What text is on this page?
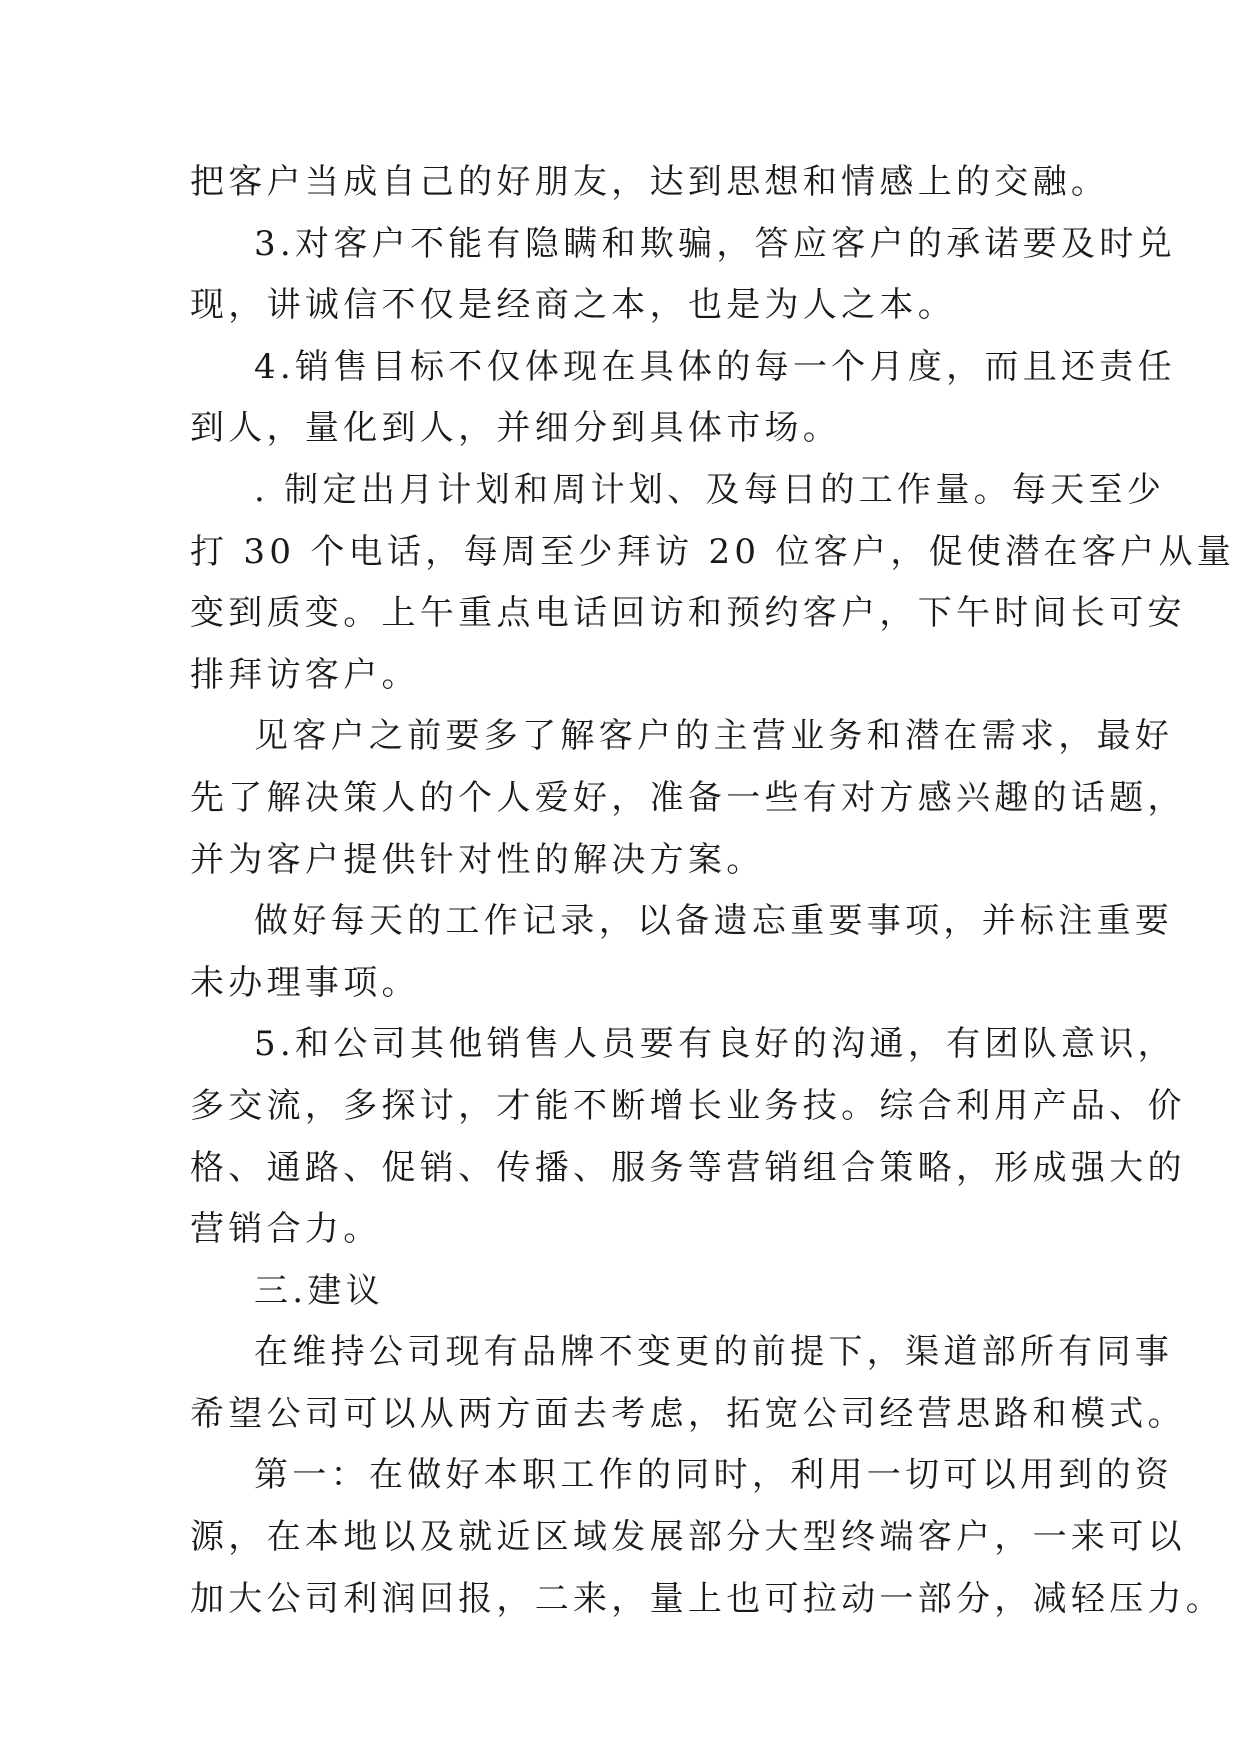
把客户当成自己的好朋友，达到思想和情感上的交融。
3.对客户不能有隐瞒和欺骗，答应客户的承诺要及时兑
现，讲诚信不仅是经商之本，也是为人之本。
4.销售目标不仅体现在具体的每一个月度，而且还责任
到人，量化到人，并细分到具体市场。
. 制定出月计划和周计划、及每日的工作量。每天至少
打 30 个电话，每周至少拜访 20 位客户，促使潜在客户从量
变到质变。上午重点电话回访和预约客户，下午时间长可安
排拜访客户。
见客户之前要多了解客户的主营业务和潜在需求，最好
先了解决策人的个人爱好，准备一些有对方感兴趣的话题，
并为客户提供针对性的解决方案。
做好每天的工作记录，以备遗忘重要事项，并标注重要
未办理事项。
5.和公司其他销售人员要有良好的沟通，有团队意识，
多交流，多探讨，才能不断增长业务技。综合利用产品、价
格、通路、促销、传播、服务等营销组合策略，形成强大的
营销合力。
三.建议
在维持公司现有品牌不变更的前提下，渠道部所有同事
希望公司可以从两方面去考虑，拓宽公司经营思路和模式。
第一：在做好本职工作的同时，利用一切可以用到的资
源，在本地以及就近区域发展部分大型终端客户，一来可以
加大公司利润回报，二来，量上也可拉动一部分，减轻压力。
